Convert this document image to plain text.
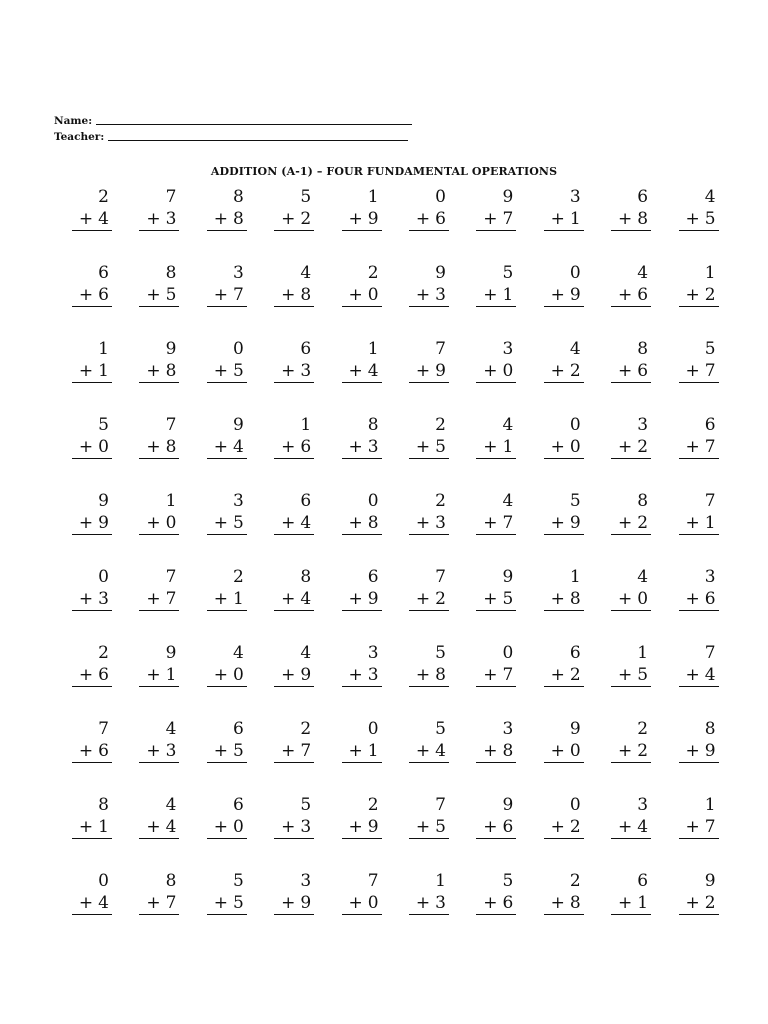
Name:
Teacher:
ADDITION (A-1) – FOUR FUNDAMENTAL OPERATIONS
2
+ 4
7
+ 3
8
+ 8
5
+ 2
1
+ 9
0
+ 6
9
+ 7
3
+ 1
6
+ 8
4
+ 5
6
+ 6
8
+ 5
3
+ 7
4
+ 8
2
+ 0
9
+ 3
5
+ 1
0
+ 9
4
+ 6
1
+ 2
1
+ 1
9
+ 8
0
+ 5
6
+ 3
1
+ 4
7
+ 9
3
+ 0
4
+ 2
8
+ 6
5
+ 7
5
+ 0
7
+ 8
9
+ 4
1
+ 6
8
+ 3
2
+ 5
4
+ 1
0
+ 0
3
+ 2
6
+ 7
9
+ 9
1
+ 0
3
+ 5
6
+ 4
0
+ 8
2
+ 3
4
+ 7
5
+ 9
8
+ 2
7
+ 1
0
+ 3
7
+ 7
2
+ 1
8
+ 4
6
+ 9
7
+ 2
9
+ 5
1
+ 8
4
+ 0
3
+ 6
2
+ 6
9
+ 1
4
+ 0
4
+ 9
3
+ 3
5
+ 8
0
+ 7
6
+ 2
1
+ 5
7
+ 4
7
+ 6
4
+ 3
6
+ 5
2
+ 7
0
+ 1
5
+ 4
3
+ 8
9
+ 0
2
+ 2
8
+ 9
8
+ 1
4
+ 4
6
+ 0
5
+ 3
2
+ 9
7
+ 5
9
+ 6
0
+ 2
3
+ 4
1
+ 7
0
+ 4
8
+ 7
5
+ 5
3
+ 9
7
+ 0
1
+ 3
5
+ 6
2
+ 8
6
+ 1
9
+ 2
